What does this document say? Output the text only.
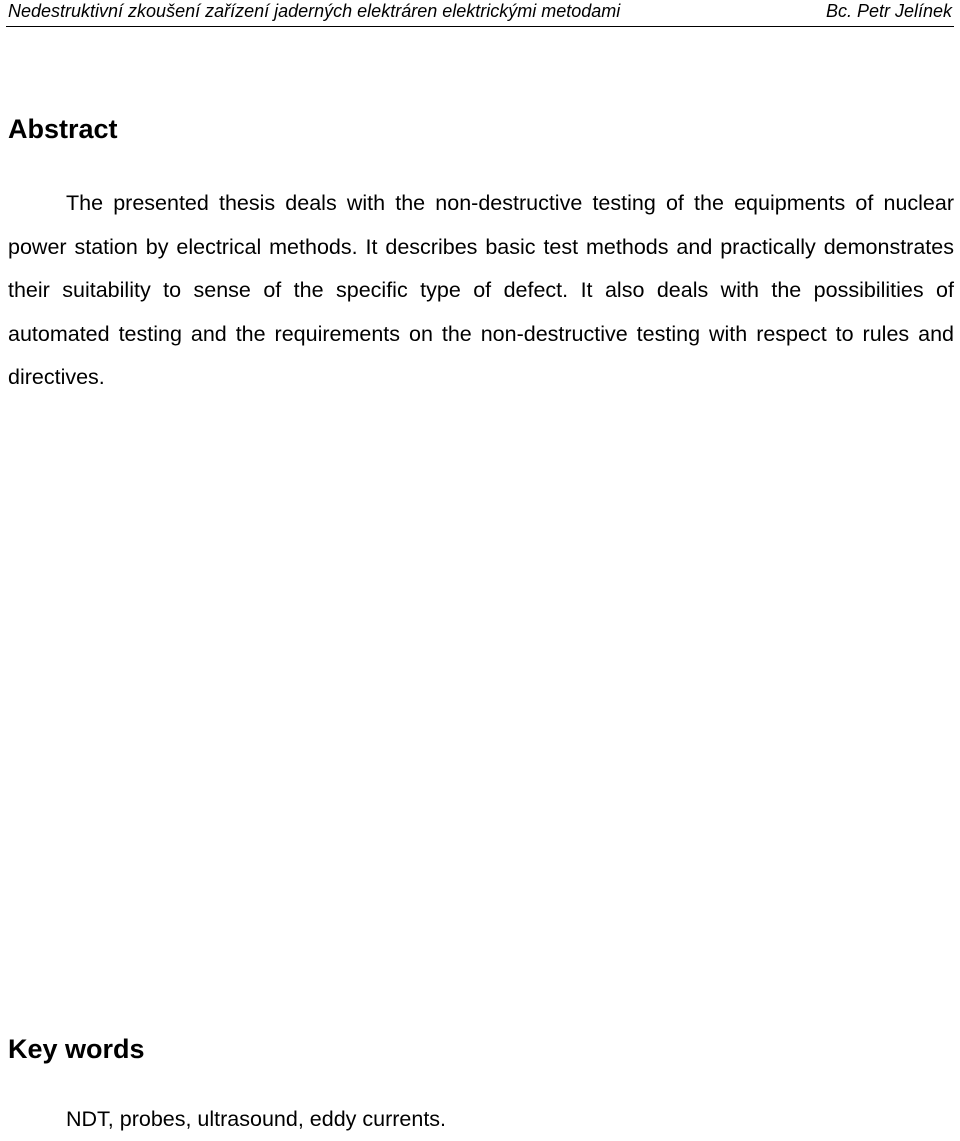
Nedestruktivní zkoušení zařízení jaderných elektráren elektrickými metodami	Bc. Petr Jelínek
Abstract

The presented thesis deals with the non-destructive testing of the equipments of nuclear power station by electrical methods. It describes basic test methods and practically demonstrates their suitability to sense of the specific type of defect. It also deals with the possibilities of automated testing and the requirements on the non-destructive testing with respect to rules and directives.

Key words

NDT, probes, ultrasound, eddy currents.
